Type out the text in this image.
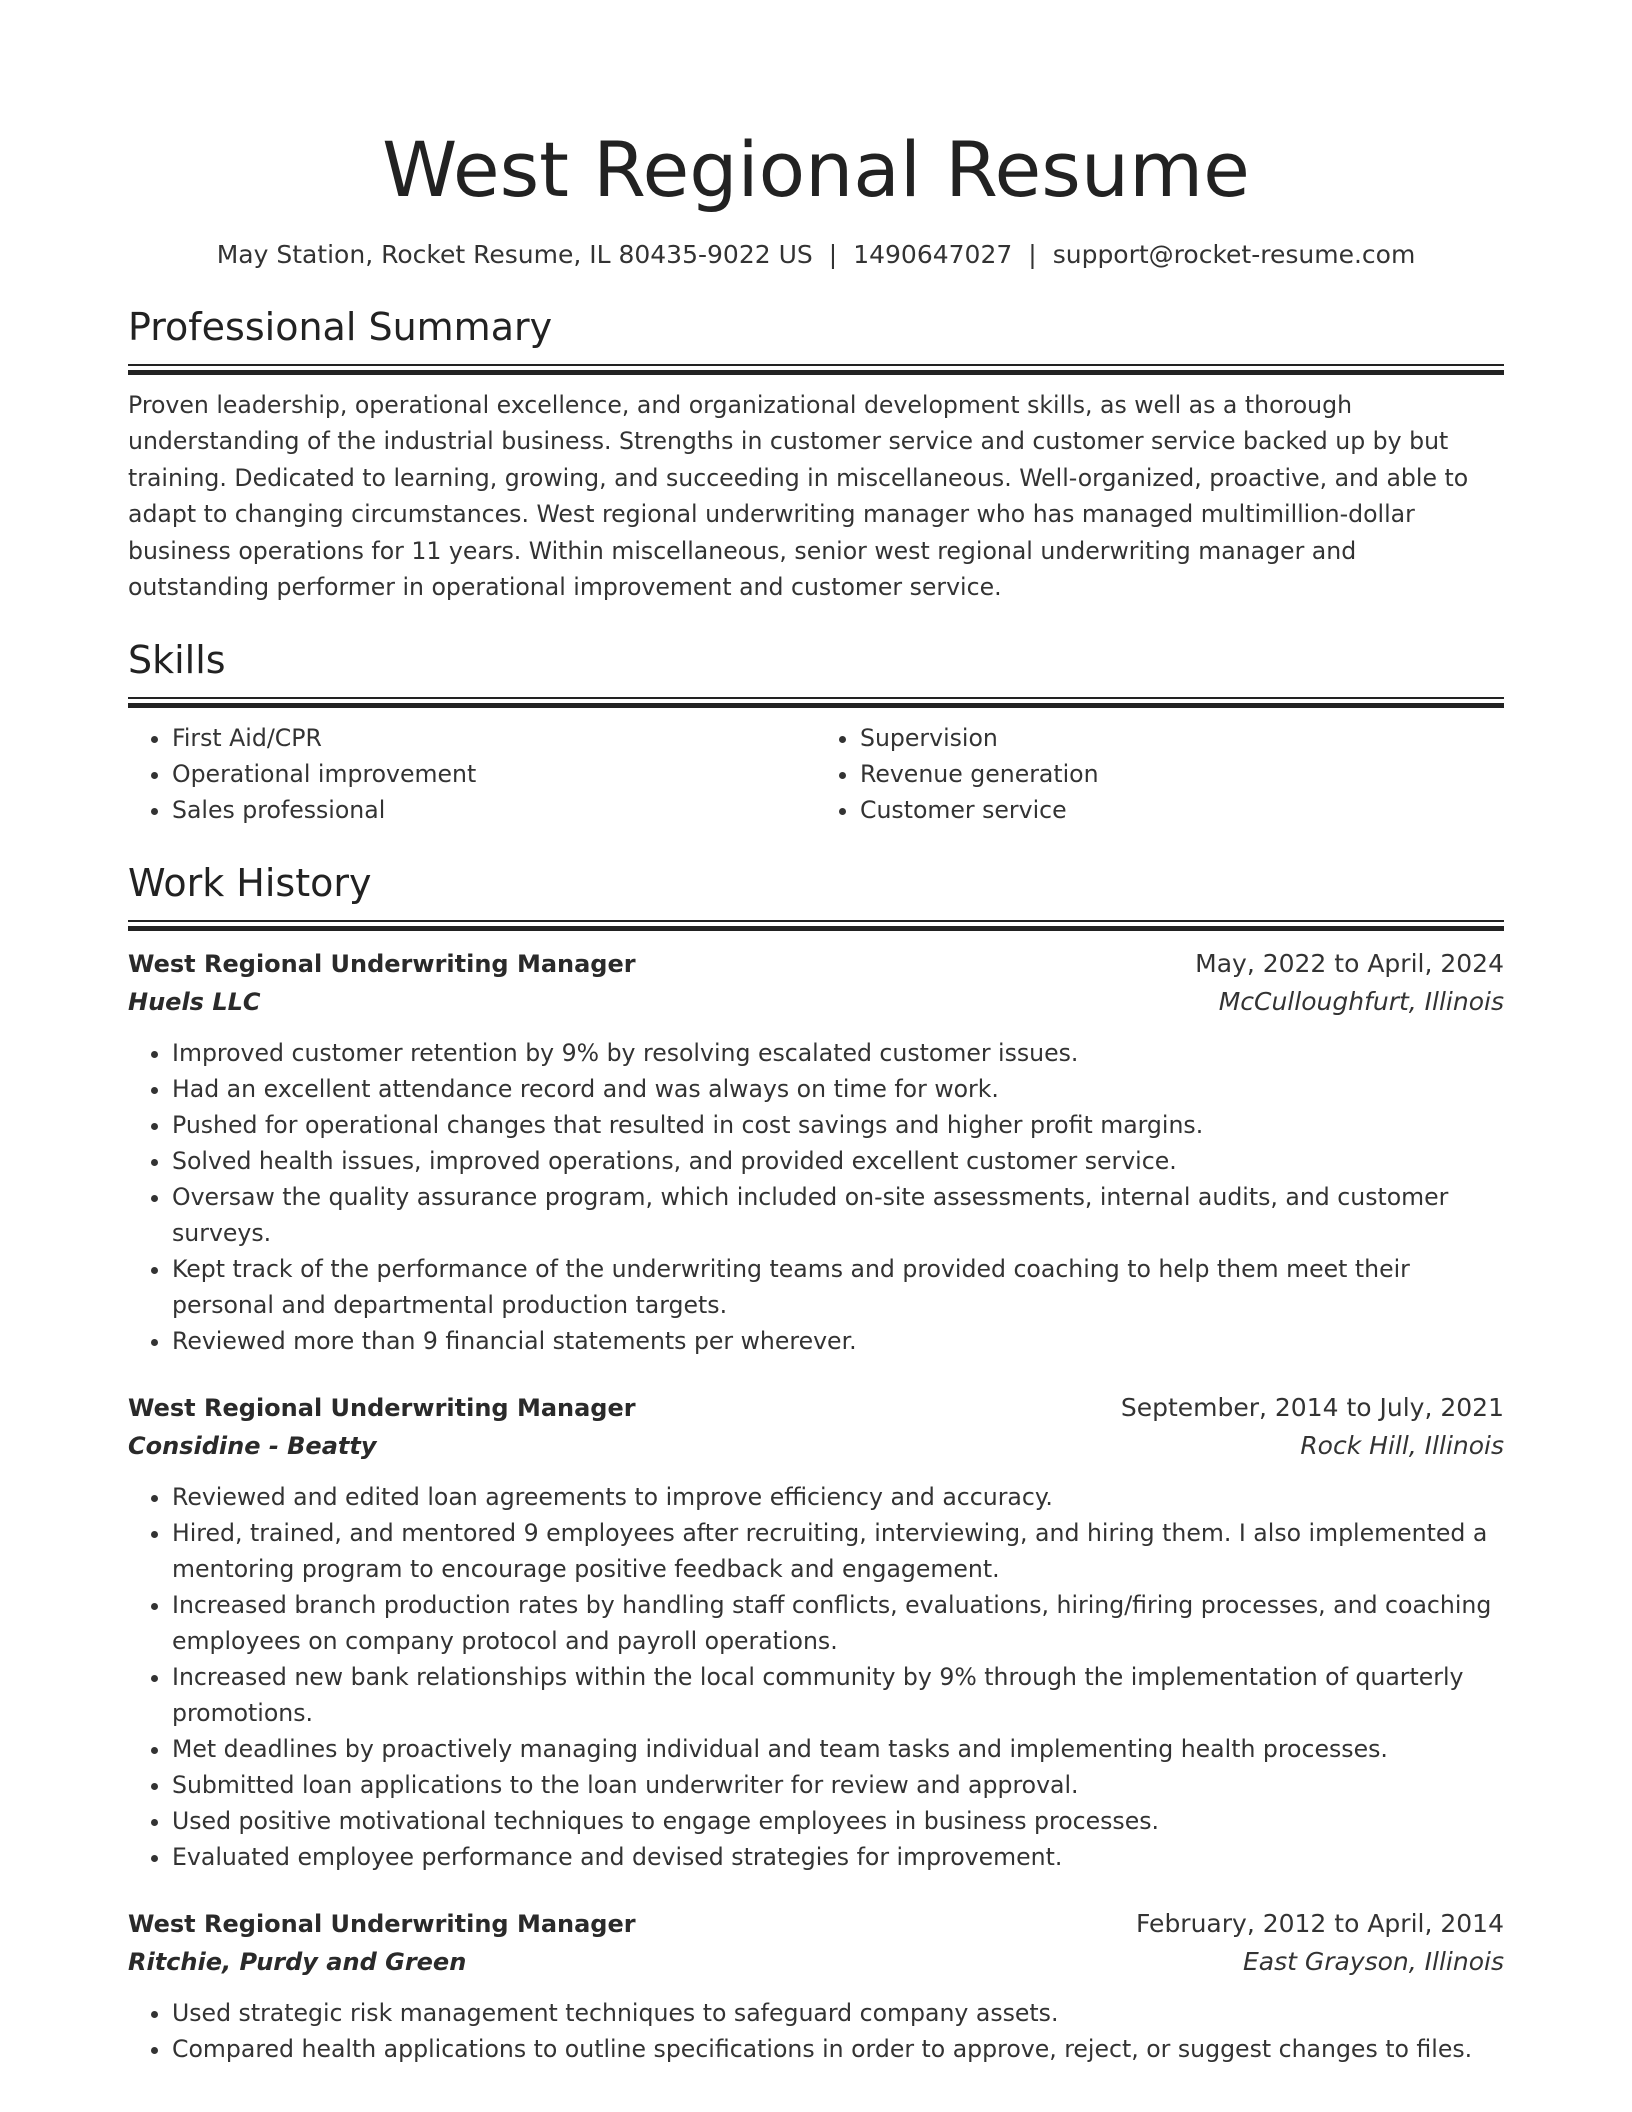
West Regional Resume
May Station, Rocket Resume, IL 80435-9022 US | 1490647027 | support@rocket-resume.com
Professional Summary
Proven leadership, operational excellence, and organizational development skills, as well as a thorough understanding of the industrial business. Strengths in customer service and customer service backed up by but training. Dedicated to learning, growing, and succeeding in miscellaneous. Well-organized, proactive, and able to adapt to changing circumstances. West regional underwriting manager who has managed multimillion-dollar business operations for 11 years. Within miscellaneous, senior west regional underwriting manager and outstanding performer in operational improvement and customer service.
Skills
• First Aid/CPR
• Operational improvement
• Sales professional
• Supervision
• Revenue generation
• Customer service
Work History
West Regional Underwriting Manager	May, 2022 to April, 2024
Huels LLC	McCulloughfurt, Illinois
• Improved customer retention by 9% by resolving escalated customer issues.
• Had an excellent attendance record and was always on time for work.
• Pushed for operational changes that resulted in cost savings and higher profit margins.
• Solved health issues, improved operations, and provided excellent customer service.
• Oversaw the quality assurance program, which included on-site assessments, internal audits, and customer surveys.
• Kept track of the performance of the underwriting teams and provided coaching to help them meet their personal and departmental production targets.
• Reviewed more than 9 financial statements per wherever.
West Regional Underwriting Manager	September, 2014 to July, 2021
Considine - Beatty	Rock Hill, Illinois
• Reviewed and edited loan agreements to improve efficiency and accuracy.
• Hired, trained, and mentored 9 employees after recruiting, interviewing, and hiring them. I also implemented a mentoring program to encourage positive feedback and engagement.
• Increased branch production rates by handling staff conflicts, evaluations, hiring/firing processes, and coaching employees on company protocol and payroll operations.
• Increased new bank relationships within the local community by 9% through the implementation of quarterly promotions.
• Met deadlines by proactively managing individual and team tasks and implementing health processes.
• Submitted loan applications to the loan underwriter for review and approval.
• Used positive motivational techniques to engage employees in business processes.
• Evaluated employee performance and devised strategies for improvement.
West Regional Underwriting Manager	February, 2012 to April, 2014
Ritchie, Purdy and Green	East Grayson, Illinois
• Used strategic risk management techniques to safeguard company assets.
• Compared health applications to outline specifications in order to approve, reject, or suggest changes to files.
